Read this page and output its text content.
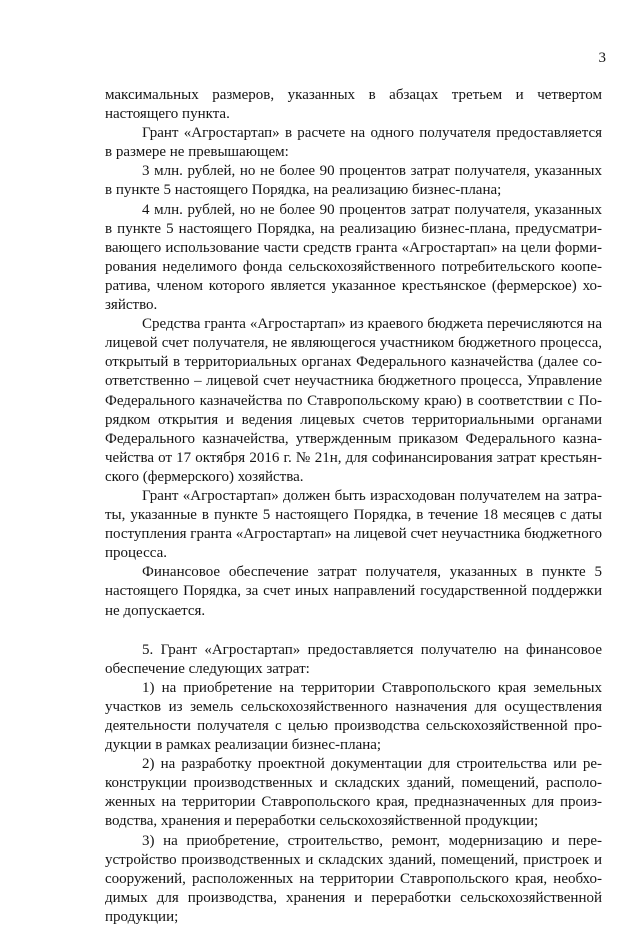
3

максимальных размеров, указанных в абзацах третьем и четвертом настоящего пункта.

Грант «Агростартап» в расчете на одного получателя предоставляется в размере не превышающем:

3 млн. рублей, но не более 90 процентов затрат получателя, указанных в пункте 5 настоящего Порядка, на реализацию бизнес-плана;

4 млн. рублей, но не более 90 процентов затрат получателя, указанных в пункте 5 настоящего Порядка, на реализацию бизнес-плана, предусматривающего использование части средств гранта «Агростартап» на цели формирования неделимого фонда сельскохозяйственного потребительского кооператива, членом которого является указанное крестьянское (фермерское) хозяйство.

Средства гранта «Агростартап» из краевого бюджета перечисляются на лицевой счет получателя, не являющегося участником бюджетного процесса, открытый в территориальных органах Федерального казначейства (далее соответственно – лицевой счет неучастника бюджетного процесса, Управление Федерального казначейства по Ставропольскому краю) в соответствии с Порядком открытия и ведения лицевых счетов территориальными органами Федерального казначейства, утвержденным приказом Федерального казначейства от 17 октября 2016 г. № 21н, для софинансирования затрат крестьянского (фермерского) хозяйства.

Грант «Агростартап» должен быть израсходован получателем на затраты, указанные в пункте 5 настоящего Порядка, в течение 18 месяцев с даты поступления гранта «Агростартап» на лицевой счет неучастника бюджетного процесса.

Финансовое обеспечение затрат получателя, указанных в пункте 5 настоящего Порядка, за счет иных направлений государственной поддержки не допускается.

5. Грант «Агростартап» предоставляется получателю на финансовое обеспечение следующих затрат:

1) на приобретение на территории Ставропольского края земельных участков из земель сельскохозяйственного назначения для осуществления деятельности получателя с целью производства сельскохозяйственной продукции в рамках реализации бизнес-плана;

2) на разработку проектной документации для строительства или реконструкции производственных и складских зданий, помещений, расположенных на территории Ставропольского края, предназначенных для производства, хранения и переработки сельскохозяйственной продукции;

3) на приобретение, строительство, ремонт, модернизацию и переустройство производственных и складских зданий, помещений, пристроек и сооружений, расположенных на территории Ставропольского края, необходимых для производства, хранения и переработки сельскохозяйственной продукции;
